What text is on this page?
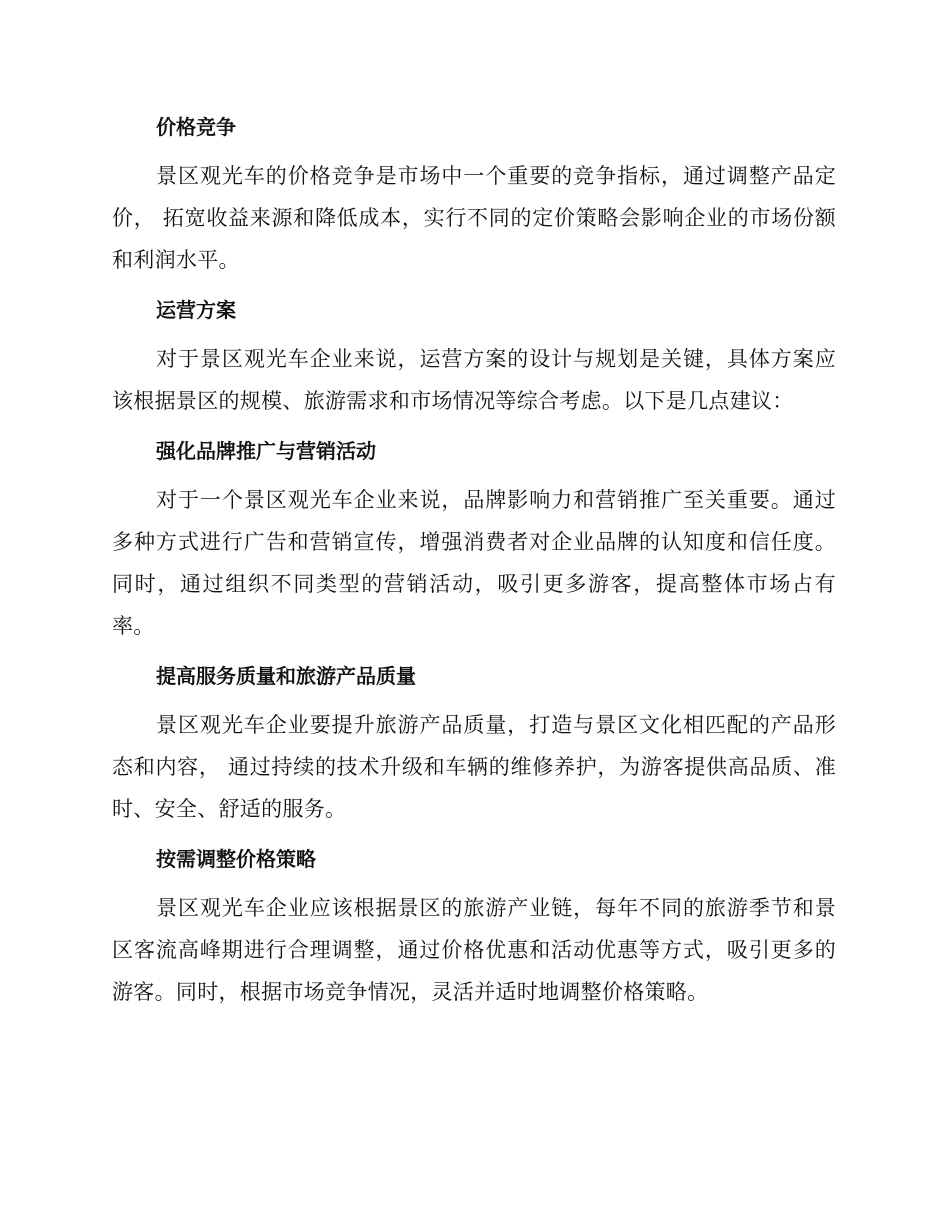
价格竞争

景区观光车的价格竞争是市场中一个重要的竞争指标，通过调整产品定价， 拓宽收益来源和降低成本，实行不同的定价策略会影响企业的市场份额和利润水平。

运营方案

对于景区观光车企业来说，运营方案的设计与规划是关键，具体方案应该根据景区的规模、旅游需求和市场情况等综合考虑。以下是几点建议：

强化品牌推广与营销活动

对于一个景区观光车企业来说，品牌影响力和营销推广至关重要。通过多种方式进行广告和营销宣传，增强消费者对企业品牌的认知度和信任度。同时，通过组织不同类型的营销活动，吸引更多游客，提高整体市场占有率。

提高服务质量和旅游产品质量

景区观光车企业要提升旅游产品质量，打造与景区文化相匹配的产品形态和内容， 通过持续的技术升级和车辆的维修养护，为游客提供高品质、准时、安全、舒适的服务。

按需调整价格策略

景区观光车企业应该根据景区的旅游产业链，每年不同的旅游季节和景区客流高峰期进行合理调整，通过价格优惠和活动优惠等方式，吸引更多的游客。同时，根据市场竞争情况，灵活并适时地调整价格策略。
